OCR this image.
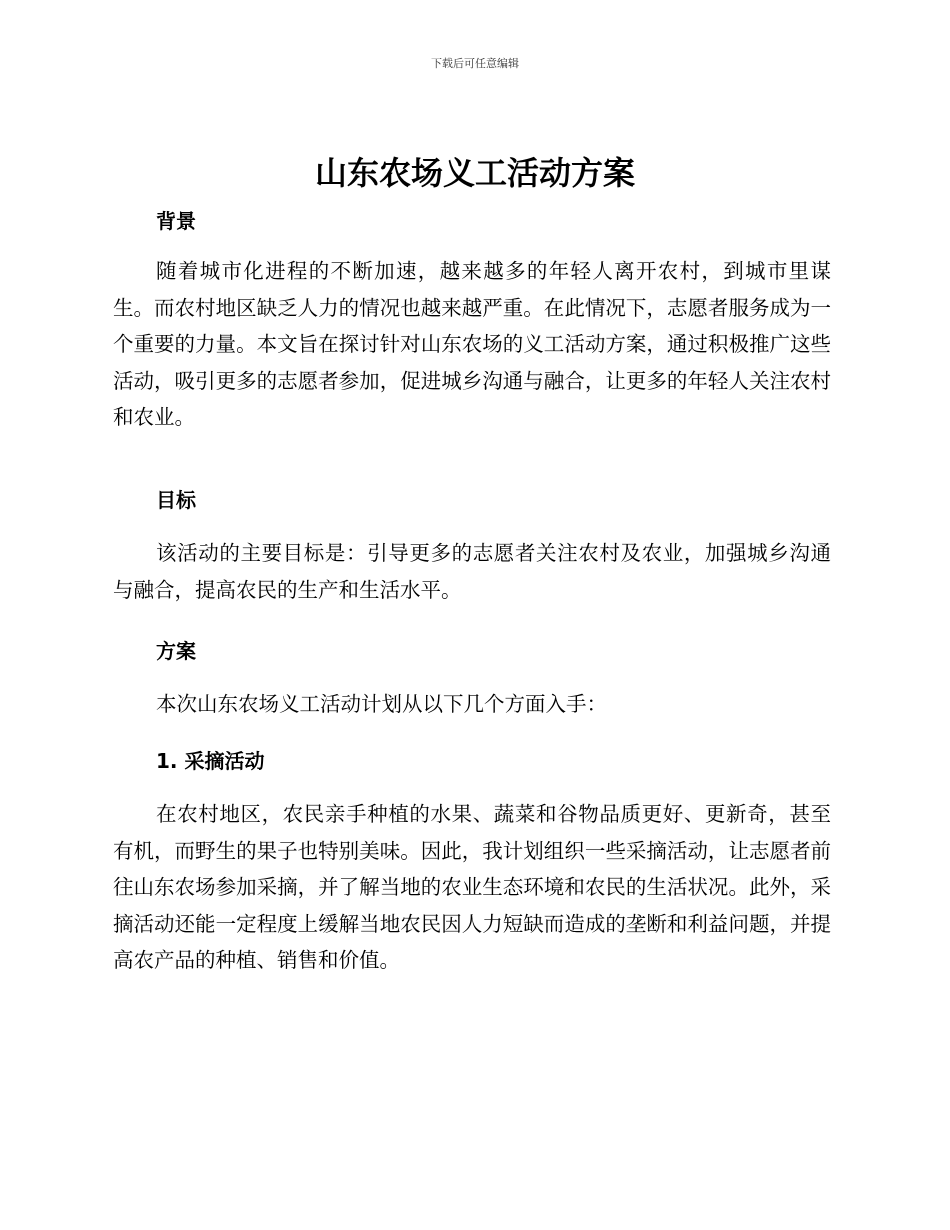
下载后可任意编辑
山东农场义工活动方案
背景

随着城市化进程的不断加速，越来越多的年轻人离开农村，到城市里谋生。而农村地区缺乏人力的情况也越来越严重。在此情况下，志愿者服务成为一个重要的力量。本文旨在探讨针对山东农场的义工活动方案，通过积极推广这些活动，吸引更多的志愿者参加，促进城乡沟通与融合，让更多的年轻人关注农村和农业。

目标

该活动的主要目标是：引导更多的志愿者关注农村及农业，加强城乡沟通与融合，提高农民的生产和生活水平。

方案

本次山东农场义工活动计划从以下几个方面入手：

1. 采摘活动

在农村地区，农民亲手种植的水果、蔬菜和谷物品质更好、更新奇，甚至有机，而野生的果子也特别美味。因此，我计划组织一些采摘活动，让志愿者前往山东农场参加采摘，并了解当地的农业生态环境和农民的生活状况。此外，采摘活动还能一定程度上缓解当地农民因人力短缺而造成的垄断和利益问题，并提高农产品的种植、销售和价值。
